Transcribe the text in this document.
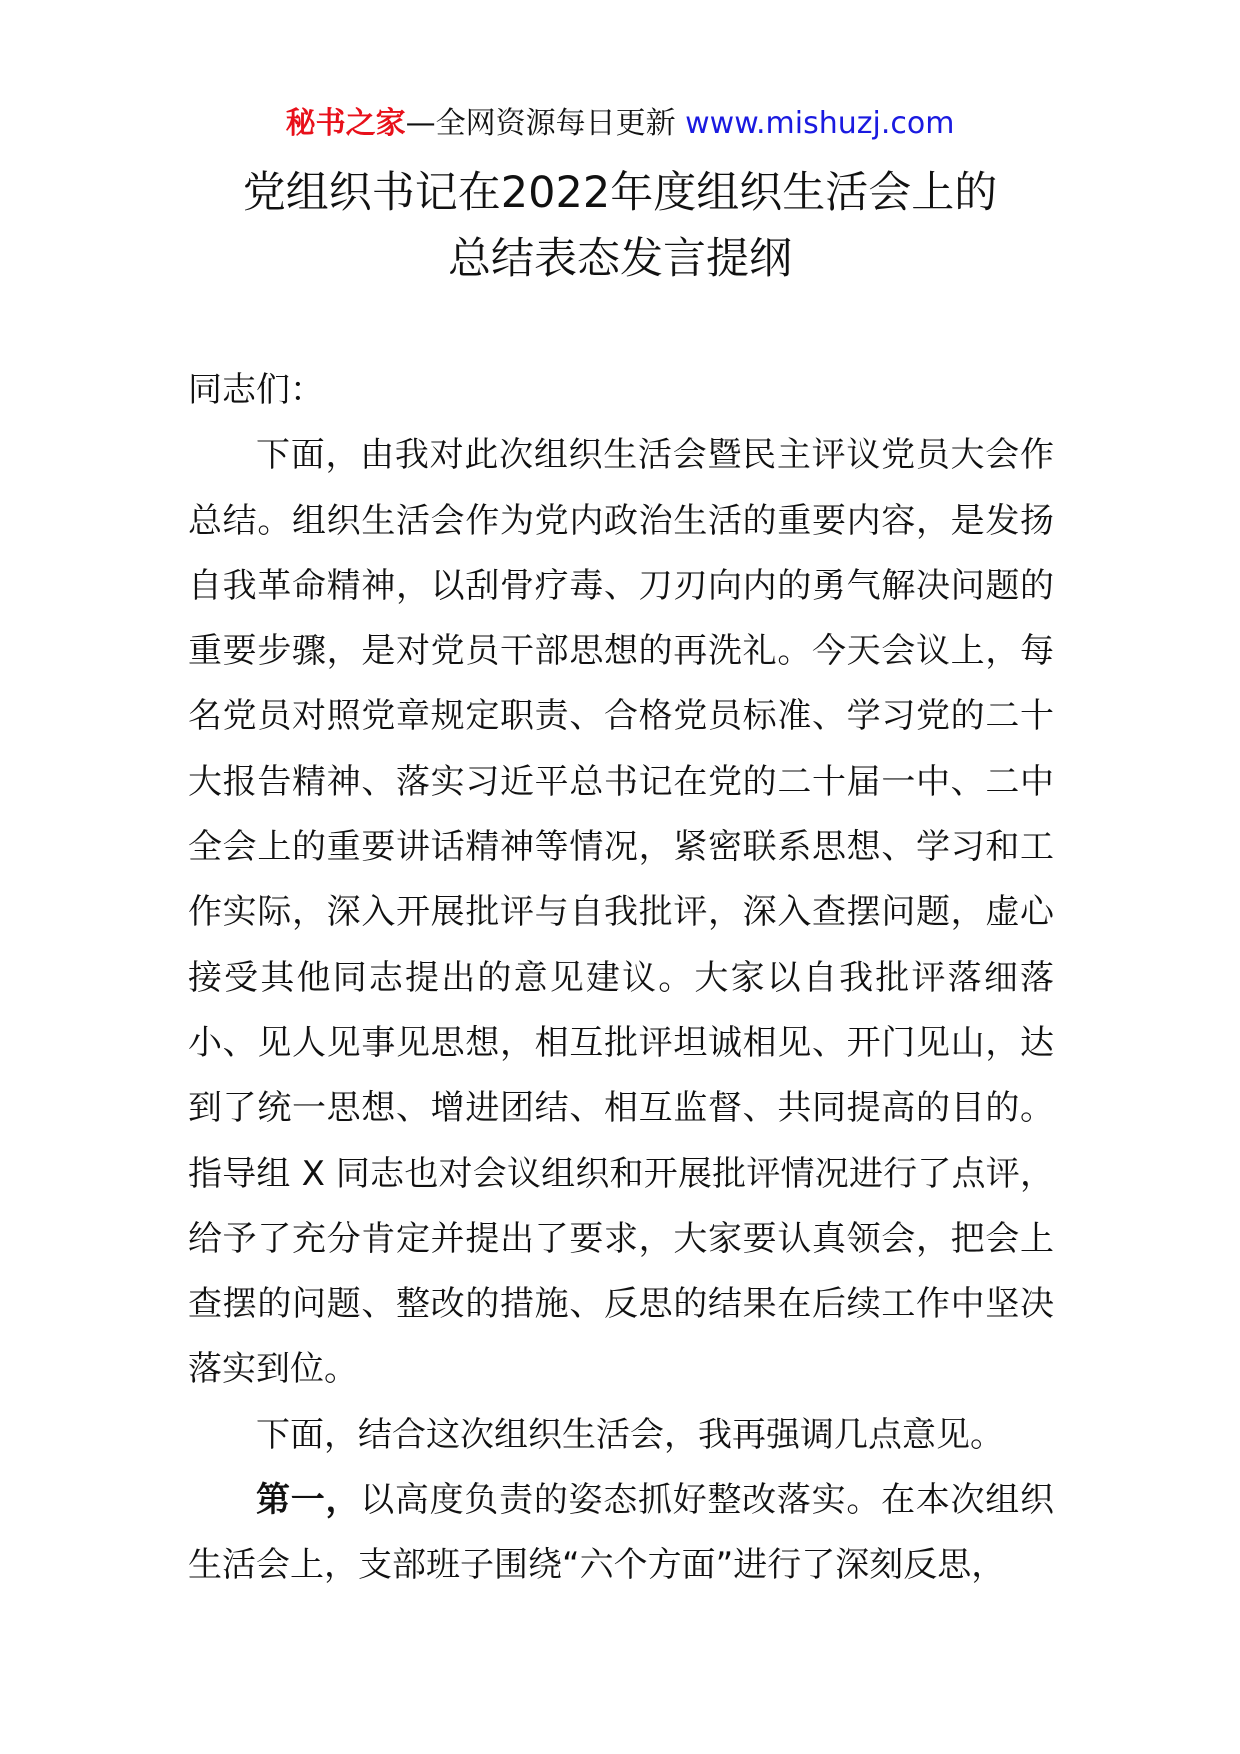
秘书之家—全网资源每日更新 www.mishuzj.com
党组织书记在2022年度组织生活会上的
总结表态发言提纲

同志们：

下面，由我对此次组织生活会暨民主评议党员大会作总结。组织生活会作为党内政治生活的重要内容，是发扬自我革命精神，以刮骨疗毒、刀刃向内的勇气解决问题的重要步骤，是对党员干部思想的再洗礼。今天会议上，每名党员对照党章规定职责、合格党员标准、学习党的二十大报告精神、落实习近平总书记在党的二十届一中、二中全会上的重要讲话精神等情况，紧密联系思想、学习和工作实际，深入开展批评与自我批评，深入查摆问题，虚心接受其他同志提出的意见建议。大家以自我批评落细落小、见人见事见思想，相互批评坦诚相见、开门见山，达到了统一思想、增进团结、相互监督、共同提高的目的。指导组 X 同志也对会议组织和开展批评情况进行了点评，给予了充分肯定并提出了要求，大家要认真领会，把会上查摆的问题、整改的措施、反思的结果在后续工作中坚决落实到位。

下面，结合这次组织生活会，我再强调几点意见。

第一，以高度负责的姿态抓好整改落实。在本次组织生活会上，支部班子围绕“六个方面”进行了深刻反思，
